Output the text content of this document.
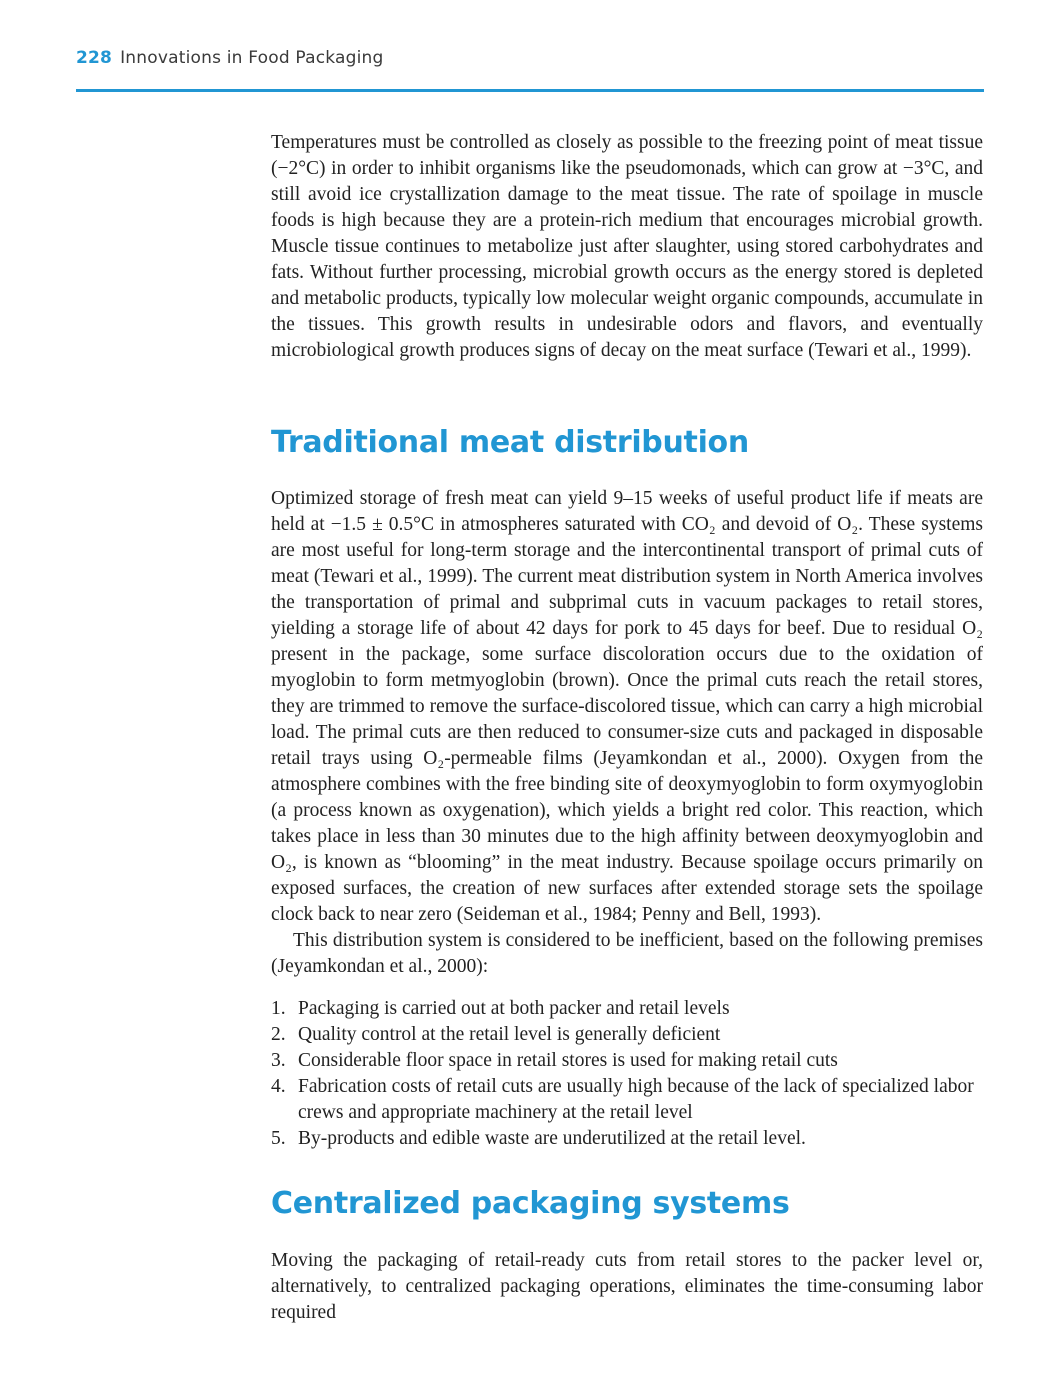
228 Innovations in Food Packaging

Temperatures must be controlled as closely as possible to the freezing point of meat tissue (−2°C) in order to inhibit organisms like the pseudomonads, which can grow at −3°C, and still avoid ice crystallization damage to the meat tissue. The rate of spoilage in muscle foods is high because they are a protein-rich medium that encourages microbial growth. Muscle tissue continues to metabolize just after slaughter, using stored carbohydrates and fats. Without further processing, microbial growth occurs as the energy stored is depleted and metabolic products, typically low molecular weight organic compounds, accumulate in the tissues. This growth results in undesirable odors and flavors, and eventually microbiological growth produces signs of decay on the meat surface (Tewari et al., 1999).

Traditional meat distribution

Optimized storage of fresh meat can yield 9–15 weeks of useful product life if meats are held at −1.5 ± 0.5°C in atmospheres saturated with CO₂ and devoid of O₂. These systems are most useful for long-term storage and the intercontinental transport of primal cuts of meat (Tewari et al., 1999). The current meat distribution system in North America involves the transportation of primal and subprimal cuts in vacuum packages to retail stores, yielding a storage life of about 42 days for pork to 45 days for beef. Due to residual O₂ present in the package, some surface discoloration occurs due to the oxidation of myoglobin to form metmyoglobin (brown). Once the primal cuts reach the retail stores, they are trimmed to remove the surface-discolored tissue, which can carry a high microbial load. The primal cuts are then reduced to consumer-size cuts and packaged in disposable retail trays using O₂-permeable films (Jeyamkondan et al., 2000). Oxygen from the atmosphere combines with the free binding site of deoxymyoglobin to form oxymyoglobin (a process known as oxygenation), which yields a bright red color. This reaction, which takes place in less than 30 minutes due to the high affinity between deoxymyoglobin and O₂, is known as “blooming” in the meat industry. Because spoilage occurs primarily on exposed surfaces, the creation of new surfaces after extended storage sets the spoilage clock back to near zero (Seideman et al., 1984; Penny and Bell, 1993).

This distribution system is considered to be inefficient, based on the following premises (Jeyamkondan et al., 2000):

1. Packaging is carried out at both packer and retail levels
2. Quality control at the retail level is generally deficient
3. Considerable floor space in retail stores is used for making retail cuts
4. Fabrication costs of retail cuts are usually high because of the lack of specialized labor crews and appropriate machinery at the retail level
5. By-products and edible waste are underutilized at the retail level.
Centralized packaging systems

Moving the packaging of retail-ready cuts from retail stores to the packer level or, alternatively, to centralized packaging operations, eliminates the time-consuming labor required
